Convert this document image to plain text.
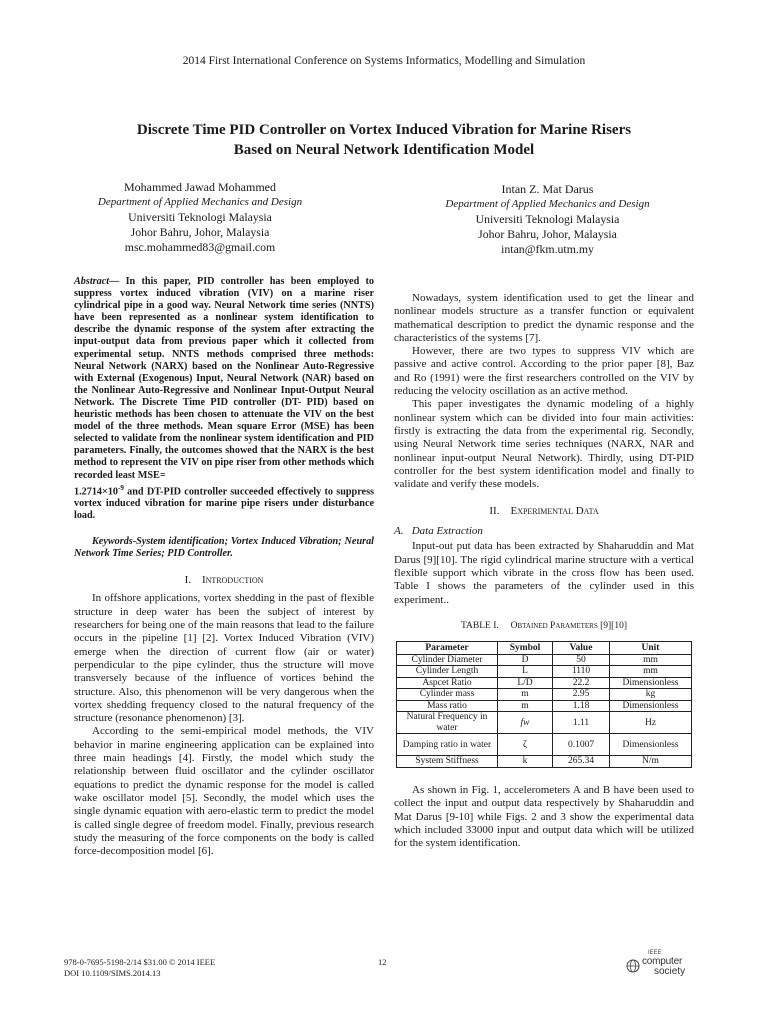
2014 First International Conference on Systems Informatics, Modelling and Simulation
Discrete Time PID Controller on Vortex Induced Vibration for Marine Risers
Based on Neural Network Identification Model
Mohammed Jawad Mohammed
Department of Applied Mechanics and Design
Universiti Teknologi Malaysia
Johor Bahru, Johor, Malaysia
msc.mohammed83@gmail.com
Intan Z. Mat Darus
Department of Applied Mechanics and Design
Universiti Teknologi Malaysia
Johor Bahru, Johor, Malaysia
intan@fkm.utm.my
Abstract— In this paper, PID controller has been employed to suppress vortex induced vibration (VIV) on a marine riser cylindrical pipe in a good way. Neural Network time series (NNTS) have been represented as a nonlinear system identification to describe the dynamic response of the system after extracting the input-output data from previous paper which it collected from experimental setup. NNTS methods comprised three methods: Neural Network (NARX) based on the Nonlinear Auto-Regressive with External (Exogenous) Input, Neural Network (NAR) based on the Nonlinear Auto-Regressive and Nonlinear Input-Output Neural Network. The Discrete Time PID controller (DT- PID) based on heuristic methods has been chosen to attenuate the VIV on the best model of the three methods. Mean square Error (MSE) has been selected to validate from the nonlinear system identification and PID parameters. Finally, the outcomes showed that the NARX is the best method to represent the VIV on pipe riser from other methods which recorded least MSE=
$1.2714\times 10^{-9}$ and DT-PID controller succeeded effectively to suppress vortex induced vibration for marine pipe risers under disturbance load.
Keywords-System identification; Vortex Induced Vibration; Neural Network Time Series; PID Controller.
I. Introduction

In offshore applications, vortex shedding in the past of flexible structure in deep water has been the subject of interest by researchers for being one of the main reasons that lead to the failure occurs in the pipeline [1] [2]. Vortex Induced Vibration (VIV) emerge when the direction of current flow (air or water) perpendicular to the pipe cylinder, thus the structure will move transversely because of the influence of vortices behind the structure. Also, this phenomenon will be very dangerous when the vortex shedding frequency closed to the natural frequency of the structure (resonance phenomenon) [3].

According to the semi-empirical model methods, the VIV behavior in marine engineering application can be explained into three main headings [4]. Firstly, the model which study the relationship between fluid oscillator and the cylinder oscillator equations to predict the dynamic response for the model is called wake oscillator model [5]. Secondly, the model which uses the single dynamic equation with aero-elastic term to predict the model is called single degree of freedom model. Finally, previous research study the measuring of the force components on the body is called force-decomposition model [6].

Nowadays, system identification used to get the linear and nonlinear models structure as a transfer function or equivalent mathematical description to predict the dynamic response and the characteristics of the systems [7].

However, there are two types to suppress VIV which are passive and active control. According to the prior paper [8], Baz and Ro (1991) were the first researchers controlled on the VIV by reducing the velocity oscillation as an active method.

This paper investigates the dynamic modeling of a highly nonlinear system which can be divided into four main activities: firstly is extracting the data from the experimental rig. Secondly, using Neural Network time series techniques (NARX, NAR and nonlinear input-output Neural Network). Thirdly, using DT-PID controller for the best system identification model and finally to validate and verify these models.

II. Experimental Data
A. Data Extraction

Input-out put data has been extracted by Shaharuddin and Mat Darus [9][10]. The rigid cylindrical marine structure with a vertical flexible support which vibrate in the cross flow has been used. Table I shows the parameters of the cylinder used in this experiment..

TABLE I. Obtained Parameters [9][10]
Parameter	Symbol	Value	Unit
Cylinder Diameter	D	50	mm
Cylinder Length	L	1110	mm
Aspcet Ratio	L/D	22.2	Dimensionless
Cylinder mass	m	2.95	kg
Mass ratio	m	1.18	Dimensionless
Natural Frequency in water	fw	1.11	Hz
Damping ratio in water	ζ	0.1007	Dimensionless
System Stiffness	k	265.34	N/m

As shown in Fig. 1, accelerometers A and B have been used to collect the input and output data respectively by Shaharuddin and Mat Darus [9-10] while Figs. 2 and 3 show the experimental data which included 33000 input and output data which will be utilized for the system identification.

978-0-7695-5198-2/14 $31.00 © 2014 IEEE
DOI 10.1109/SIMS.2014.13
12
IEEE
computer
society
